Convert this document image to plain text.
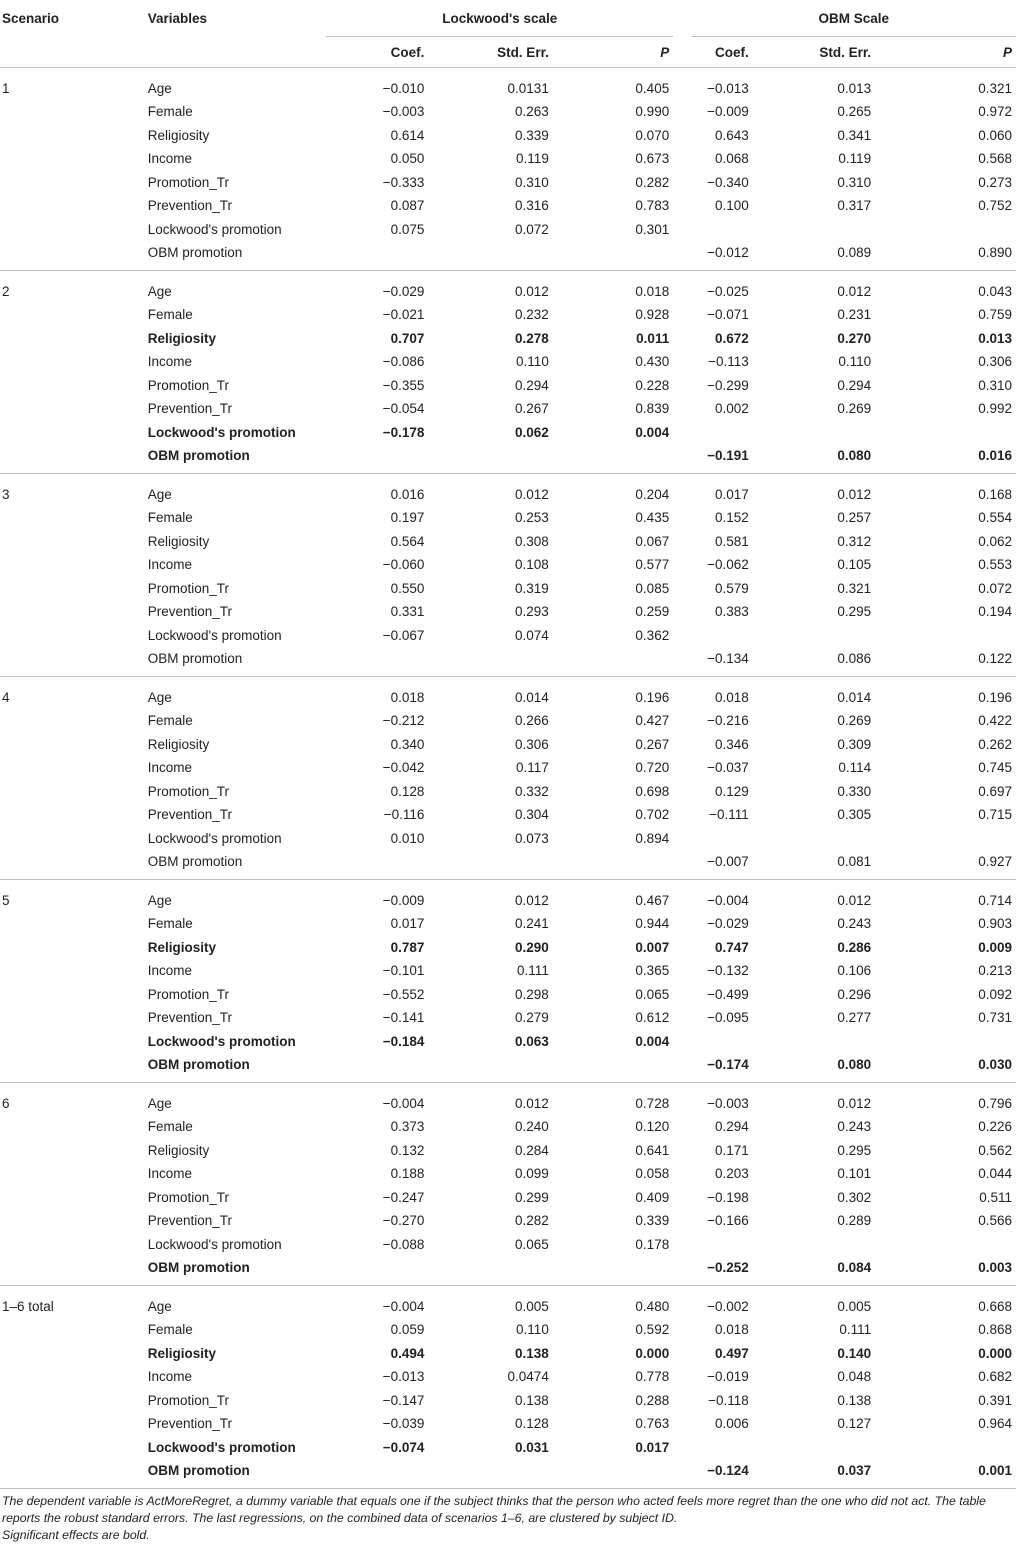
Scenario	Variables	Lockwood's scale				OBM Scale		
		Coef.	Std. Err.	P		Coef.	Std. Err.	P
1	Age	−0.010	0.0131	0.405		−0.013	0.013	0.321
	Female	−0.003	0.263	0.990		−0.009	0.265	0.972
	Religiosity	0.614	0.339	0.070		0.643	0.341	0.060
	Income	0.050	0.119	0.673		0.068	0.119	0.568
	Promotion_Tr	−0.333	0.310	0.282		−0.340	0.310	0.273
	Prevention_Tr	0.087	0.316	0.783		0.100	0.317	0.752
	Lockwood's promotion	0.075	0.072	0.301				
	OBM promotion					−0.012	0.089	0.890
2	Age	−0.029	0.012	0.018		−0.025	0.012	0.043
	Female	−0.021	0.232	0.928		−0.071	0.231	0.759
	Religiosity	0.707	0.278	0.011		0.672	0.270	0.013
	Income	−0.086	0.110	0.430		−0.113	0.110	0.306
	Promotion_Tr	−0.355	0.294	0.228		−0.299	0.294	0.310
	Prevention_Tr	−0.054	0.267	0.839		0.002	0.269	0.992
	Lockwood's promotion	−0.178	0.062	0.004				
	OBM promotion					−0.191	0.080	0.016
3	Age	0.016	0.012	0.204		0.017	0.012	0.168
	Female	0.197	0.253	0.435		0.152	0.257	0.554
	Religiosity	0.564	0.308	0.067		0.581	0.312	0.062
	Income	−0.060	0.108	0.577		−0.062	0.105	0.553
	Promotion_Tr	0.550	0.319	0.085		0.579	0.321	0.072
	Prevention_Tr	0.331	0.293	0.259		0.383	0.295	0.194
	Lockwood's promotion	−0.067	0.074	0.362				
	OBM promotion					−0.134	0.086	0.122
4	Age	0.018	0.014	0.196		0.018	0.014	0.196
	Female	−0.212	0.266	0.427		−0.216	0.269	0.422
	Religiosity	0.340	0.306	0.267		0.346	0.309	0.262
	Income	−0.042	0.117	0.720		−0.037	0.114	0.745
	Promotion_Tr	0.128	0.332	0.698		0.129	0.330	0.697
	Prevention_Tr	−0.116	0.304	0.702		−0.111	0.305	0.715
	Lockwood's promotion	0.010	0.073	0.894				
	OBM promotion					−0.007	0.081	0.927
5	Age	−0.009	0.012	0.467		−0.004	0.012	0.714
	Female	0.017	0.241	0.944		−0.029	0.243	0.903
	Religiosity	0.787	0.290	0.007		0.747	0.286	0.009
	Income	−0.101	0.111	0.365		−0.132	0.106	0.213
	Promotion_Tr	−0.552	0.298	0.065		−0.499	0.296	0.092
	Prevention_Tr	−0.141	0.279	0.612		−0.095	0.277	0.731
	Lockwood's promotion	−0.184	0.063	0.004				
	OBM promotion					−0.174	0.080	0.030
6	Age	−0.004	0.012	0.728		−0.003	0.012	0.796
	Female	0.373	0.240	0.120		0.294	0.243	0.226
	Religiosity	0.132	0.284	0.641		0.171	0.295	0.562
	Income	0.188	0.099	0.058		0.203	0.101	0.044
	Promotion_Tr	−0.247	0.299	0.409		−0.198	0.302	0.511
	Prevention_Tr	−0.270	0.282	0.339		−0.166	0.289	0.566
	Lockwood's promotion	−0.088	0.065	0.178				
	OBM promotion					−0.252	0.084	0.003
1–6 total	Age	−0.004	0.005	0.480		−0.002	0.005	0.668
	Female	0.059	0.110	0.592		0.018	0.111	0.868
	Religiosity	0.494	0.138	0.000		0.497	0.140	0.000
	Income	−0.013	0.0474	0.778		−0.019	0.048	0.682
	Promotion_Tr	−0.147	0.138	0.288		−0.118	0.138	0.391
	Prevention_Tr	−0.039	0.128	0.763		0.006	0.127	0.964
	Lockwood's promotion	−0.074	0.031	0.017				
	OBM promotion					−0.124	0.037	0.001

The dependent variable is ActMoreRegret, a dummy variable that equals one if the subject thinks that the person who acted feels more regret than the one who did not act. The table reports the robust standard errors. The last regressions, on the combined data of scenarios 1–6, are clustered by subject ID.

Significant effects are bold.
